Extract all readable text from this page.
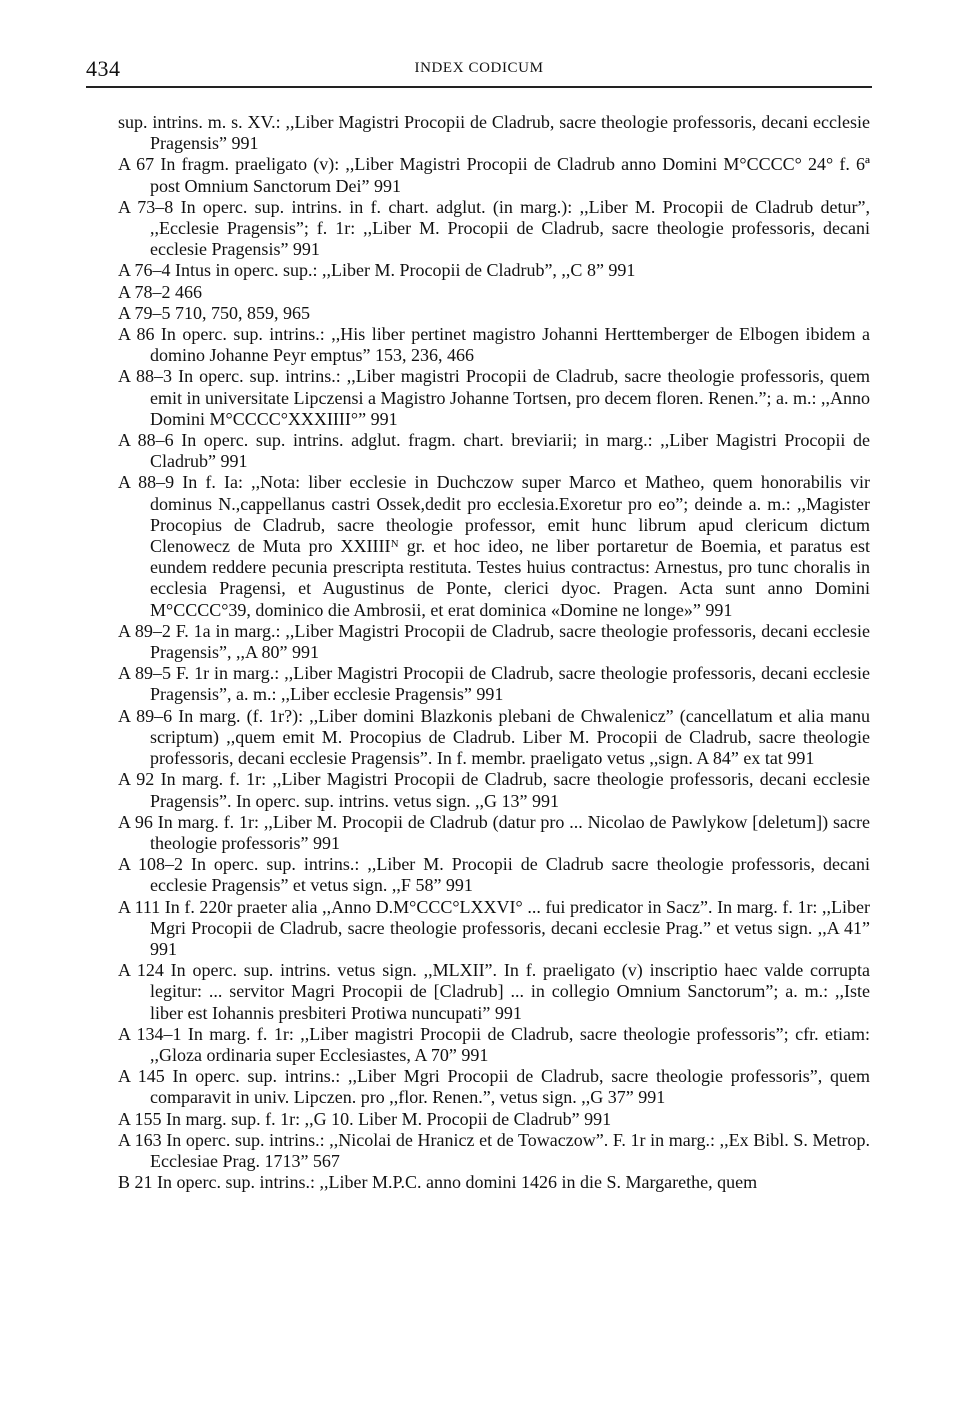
434	INDEX CODICUM

sup. intrins. m. s. XV.: ,,Liber Magistri Procopii de Cladrub, sacre theologie professoris, decani ecclesie Pragensis” 991

A 67 In fragm. praeligato (v): ,,Liber Magistri Procopii de Cladrub anno Domini M°CCCC° 24° f. 6ª post Omnium Sanctorum Dei” 991

A 73–8 In operc. sup. intrins. in f. chart. adglut. (in marg.): ,,Liber M. Procopii de Cladrub detur”, ,,Ecclesie Pragensis”; f. 1r: ,,Liber M. Procopii de Cladrub, sacre theologie professoris, decani ecclesie Pragensis” 991

A 76–4 Intus in operc. sup.: ,,Liber M. Procopii de Cladrub”, ,,C 8” 991

A 78–2 466

A 79–5 710, 750, 859, 965

A 86 In operc. sup. intrins.: ,,His liber pertinet magistro Johanni Herttemberger de Elbogen ibidem a domino Johanne Peyr emptus” 153, 236, 466

A 88–3 In operc. sup. intrins.: ,,Liber magistri Procopii de Cladrub, sacre theologie professoris, quem emit in universitate Lipczensi a Magistro Johanne Tortsen, pro decem floren. Renen.”; a. m.: ,,Anno Domini M°CCCC°XXXIIII°” 991

A 88–6 In operc. sup. intrins. adglut. fragm. chart. breviarii; in marg.: ,,Liber Magistri Procopii de Cladrub” 991

A 88–9 In f. Ia: ,,Nota: liber ecclesie in Duchczow super Marco et Matheo, quem honorabilis vir dominus N.,cappellanus castri Ossek,dedit pro ecclesia.Exoretur pro eo”; deinde a. m.: ,,Magister Procopius de Cladrub, sacre theologie professor, emit hunc librum apud clericum dictum Clenowecz de Muta pro XXIIIIᴺ gr. et hoc ideo, ne liber portaretur de Boemia, et paratus est eundem reddere pecunia prescripta restituta. Testes huius contractus: Arnestus, pro tunc choralis in ecclesia Pragensi, et Augustinus de Ponte, clerici dyoc. Pragen. Acta sunt anno Domini M°CCCC°39, dominico die Ambrosii, et erat dominica «Domine ne longe»” 991

A 89–2 F. 1a in marg.: ,,Liber Magistri Procopii de Cladrub, sacre theologie professoris, decani ecclesie Pragensis”, ,,A 80” 991

A 89–5 F. 1r in marg.: ,,Liber Magistri Procopii de Cladrub, sacre theologie professoris, decani ecclesie Pragensis”, a. m.: ,,Liber ecclesie Pragensis” 991

A 89–6 In marg. (f. 1r?): ,,Liber domini Blazkonis plebani de Chwalenicz” (cancellatum et alia manu scriptum) ,,quem emit M. Procopius de Cladrub. Liber M. Procopii de Cladrub, sacre theologie professoris, decani ecclesie Pragensis”. In f. membr. praeligato vetus ,,sign. A 84” ex tat 991

A 92 In marg. f. 1r: ,,Liber Magistri Procopii de Cladrub, sacre theologie professoris, decani ecclesie Pragensis”. In operc. sup. intrins. vetus sign. ,,G 13” 991

A 96 In marg. f. 1r: ,,Liber M. Procopii de Cladrub (datur pro ... Nicolao de Pawlykow [deletum]) sacre theologie professoris” 991

A 108–2 In operc. sup. intrins.: ,,Liber M. Procopii de Cladrub sacre theologie professoris, decani ecclesie Pragensis” et vetus sign. ,,F 58” 991

A 111 In f. 220r praeter alia ,,Anno D.M°CCC°LXXVI° ... fui predicator in Sacz”. In marg. f. 1r: ,,Liber Mgri Procopii de Cladrub, sacre theologie professoris, decani ecclesie Prag.” et vetus sign. ,,A 41” 991

A 124 In operc. sup. intrins. vetus sign. ,,MLXII”. In f. praeligato (v) inscriptio haec valde corrupta legitur: ... servitor Magri Procopii de [Cladrub] ... in collegio Omnium Sanctorum”; a. m.: ,,Iste liber est Iohannis presbiteri Protiwa nuncupati” 991

A 134–1 In marg. f. 1r: ,,Liber magistri Procopii de Cladrub, sacre theologie professoris”; cfr. etiam: ,,Gloza ordinaria super Ecclesiastes, A 70” 991

A 145 In operc. sup. intrins.: ,,Liber Mgri Procopii de Cladrub, sacre theologie professoris”, quem comparavit in univ. Lipczen. pro ,,flor. Renen.”, vetus sign. ,,G 37” 991

A 155 In marg. sup. f. 1r: ,,G 10. Liber M. Procopii de Cladrub” 991

A 163 In operc. sup. intrins.: ,,Nicolai de Hranicz et de Towaczow”. F. 1r in marg.: ,,Ex Bibl. S. Metrop. Ecclesiae Prag. 1713” 567

B 21 In operc. sup. intrins.: ,,Liber M.P.C. anno domini 1426 in die S. Margarethe, quem
